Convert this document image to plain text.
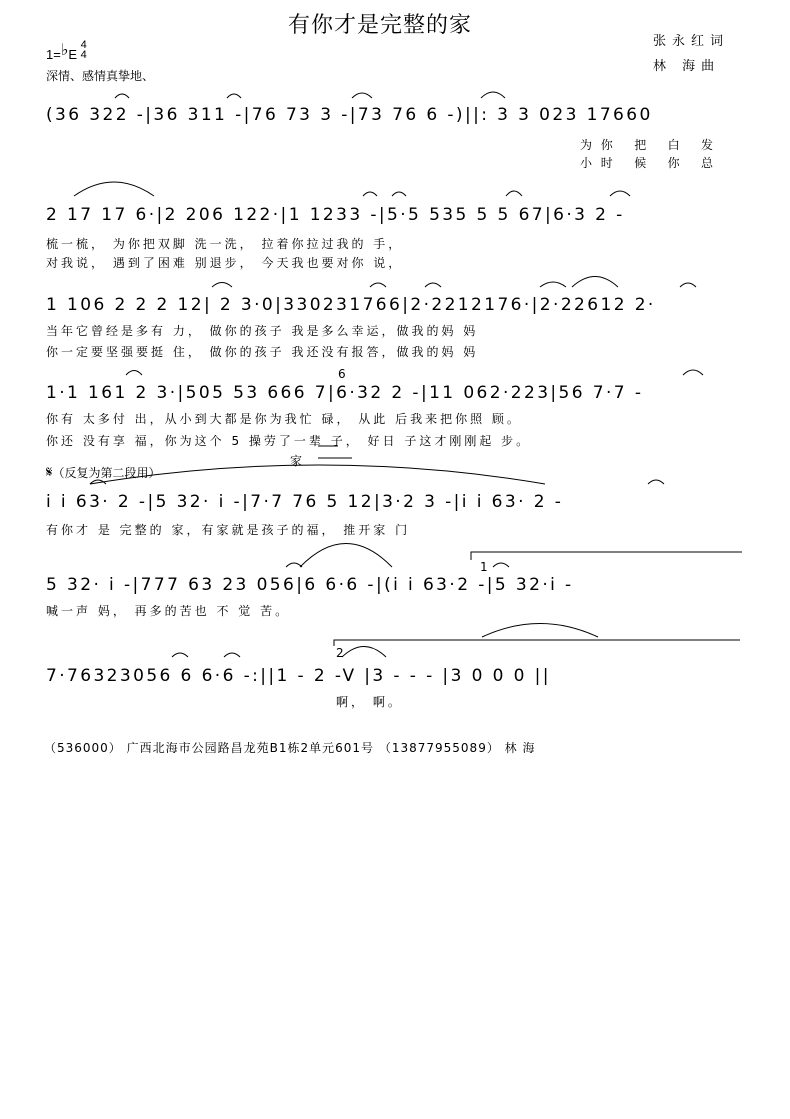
有你才是完整的家
张永红词
林 海曲
1=♭E 4
4
深情、感情真挚地、
(36 322 -|36 311 -|76 73 3 -|73 76 6 -)||: 3 3 023 17660
为你 把 白 发
小时 候 你 总
2 17 17 6·|2 206 122·|1 1233 -|5·5 535 5 5 67|6·3 2 -
梳一梳， 为你把双脚 洗一洗， 拉着你拉过我的 手，
对我说， 遇到了困难 别退步， 今天我也要对你 说，
1 106 2 2 2 12| 2 3·0|330231766|2·2212176·|2·22612 2·
当年它曾经是多有 力， 做你的孩子 我是多么幸运，做我的妈 妈
你一定要坚强要挺 住， 做你的孩子 我还没有报答，做我的妈 妈
6
1·1 161 2 3·|505 53 666 7|6·32 2 -|11 062·223|56 7·7 -
你有 太多付 出，从小到大都是你为我忙 碌， 从此 后我来把你照 顾。
你还 没有享 福，你为这个 5 操劳了一辈 子， 好日 子这才刚刚起 步。
家
𝄋（反复为第二段用）
i i 63· 2 -|5 32· i -|7·7 76 5 12|3·2 3 -|i i 63· 2 -
有你才 是 完整的 家，有家就是孩子的福， 推开家 门
1
5 32· i -|777 63 23 056|6 6·6 -|(i i 63·2 -|5 32·i -
喊一声 妈， 再多的苦也 不 觉 苦。
2
7·76323056 6 6·6 -:||1 - 2 -V |3 - - - |3 0 0 0 ||
啊， 啊。
（536000） 广西北海市公园路昌龙苑B1栋2单元601号 （13877955089） 林 海
